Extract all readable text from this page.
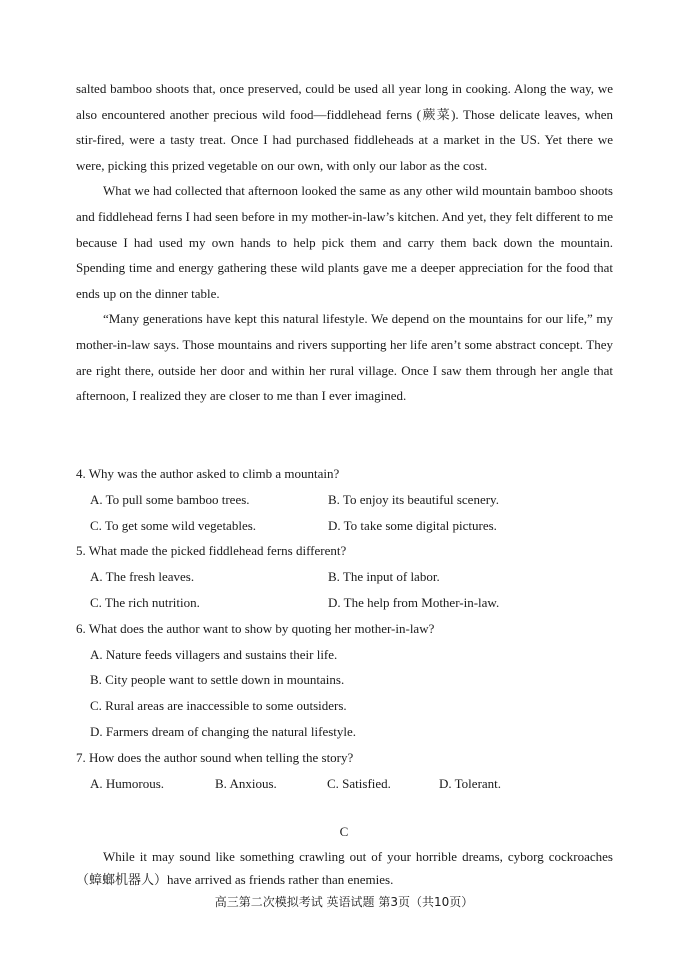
salted bamboo shoots that, once preserved, could be used all year long in cooking. Along the way, we also encountered another precious wild food—fiddlehead ferns (蕨菜). Those delicate leaves, when stir-fired, were a tasty treat. Once I had purchased fiddleheads at a market in the US. Yet there we were, picking this prized vegetable on our own, with only our labor as the cost.

What we had collected that afternoon looked the same as any other wild mountain bamboo shoots and fiddlehead ferns I had seen before in my mother-in-law’s kitchen. And yet, they felt different to me because I had used my own hands to help pick them and carry them back down the mountain. Spending time and energy gathering these wild plants gave me a deeper appreciation for the food that ends up on the dinner table.

“Many generations have kept this natural lifestyle. We depend on the mountains for our life,” my mother-in-law says. Those mountains and rivers supporting her life aren’t some abstract concept. They are right there, outside her door and within her rural village. Once I saw them through her angle that afternoon, I realized they are closer to me than I ever imagined.

4. Why was the author asked to climb a mountain?

A. To pull some bamboo trees.	B. To enjoy its beautiful scenery.
C. To get some wild vegetables.	D. To take some digital pictures.

5. What made the picked fiddlehead ferns different?

A. The fresh leaves.	B. The input of labor.
C. The rich nutrition.	D. The help from Mother-in-law.

6. What does the author want to show by quoting her mother-in-law?

A. Nature feeds villagers and sustains their life.
B. City people want to settle down in mountains.
C. Rural areas are inaccessible to some outsiders.
D. Farmers dream of changing the natural lifestyle.

7. How does the author sound when telling the story?

A. Humorous.	B. Anxious.	C. Satisfied.	D. Tolerant.
C

While it may sound like something crawling out of your horrible dreams, cyborg cockroaches（蟑螂机器人）have arrived as friends rather than enemies.

高三第二次模拟考试 英语试题 第3页（共10页）
